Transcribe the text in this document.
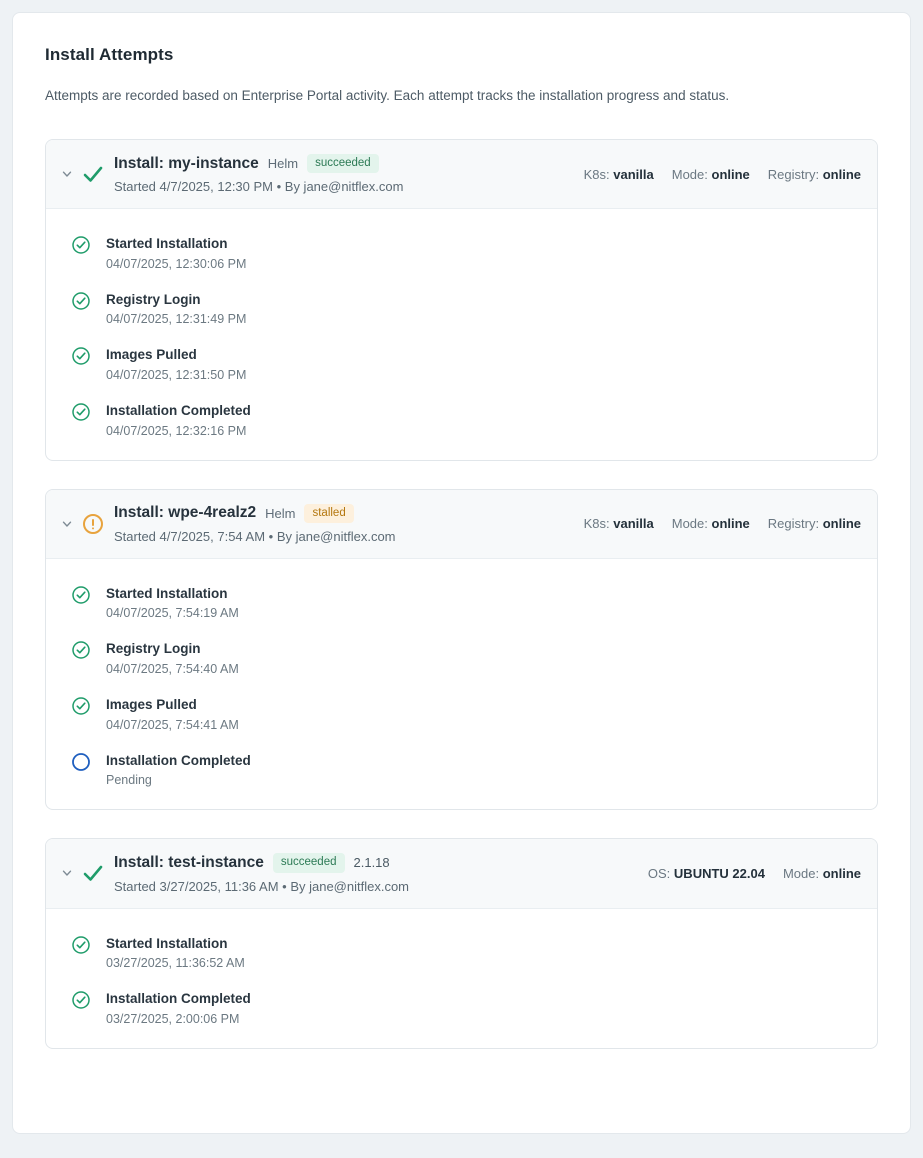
Install Attempts
Attempts are recorded based on Enterprise Portal activity. Each attempt tracks the installation progress and status.
Install: my-instance Helm	succeeded
Started 4/7/2025, 12:30 PM • By jane@nitflex.com
K8s: vanilla Mode: online Registry: online
Started Installation
04/07/2025, 12:30:06 PM
Registry Login
04/07/2025, 12:31:49 PM
Images Pulled
04/07/2025, 12:31:50 PM
Installation Completed
04/07/2025, 12:32:16 PM
Install: wpe-4realz2 Helm	stalled
Started 4/7/2025, 7:54 AM • By jane@nitflex.com
K8s: vanilla Mode: online Registry: online
Started Installation
04/07/2025, 7:54:19 AM
Registry Login
04/07/2025, 7:54:40 AM
Images Pulled
04/07/2025, 7:54:41 AM
Installation Completed
Pending
Install: test-instance	succeeded	2.1.18
Started 3/27/2025, 11:36 AM • By jane@nitflex.com
OS: UBUNTU 22.04 Mode: online
Started Installation
03/27/2025, 11:36:52 AM
Installation Completed
03/27/2025, 2:00:06 PM
